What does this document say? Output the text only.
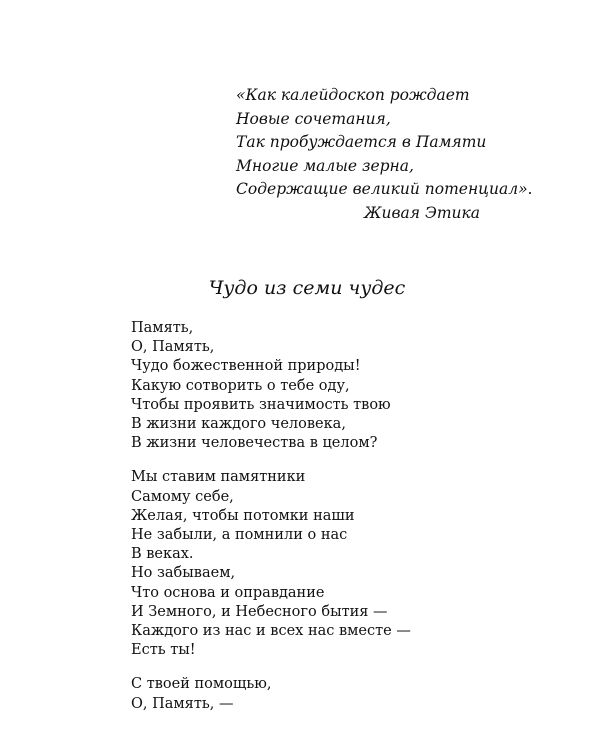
«Как калейдоскоп рождает
Новые сочетания,
Так пробуждается в Памяти
Многие малые зерна,
Содержащие великий потенциал».
Живая Этика
Чудо из семи чудес
Память,
О, Память,
Чудо божественной природы!
Какую сотворить о тебе оду,
Чтобы проявить значимость твою
В жизни каждого человека,
В жизни человечества в целом?
Мы ставим памятники
Самому себе,
Желая, чтобы потомки наши
Не забыли, а помнили о нас
В веках.
Но забываем,
Что основа и оправдание
И Земного, и Небесного бытия —
Каждого из нас и всех нас вместе —
Есть ты!
С твоей помощью,
О, Память, —
